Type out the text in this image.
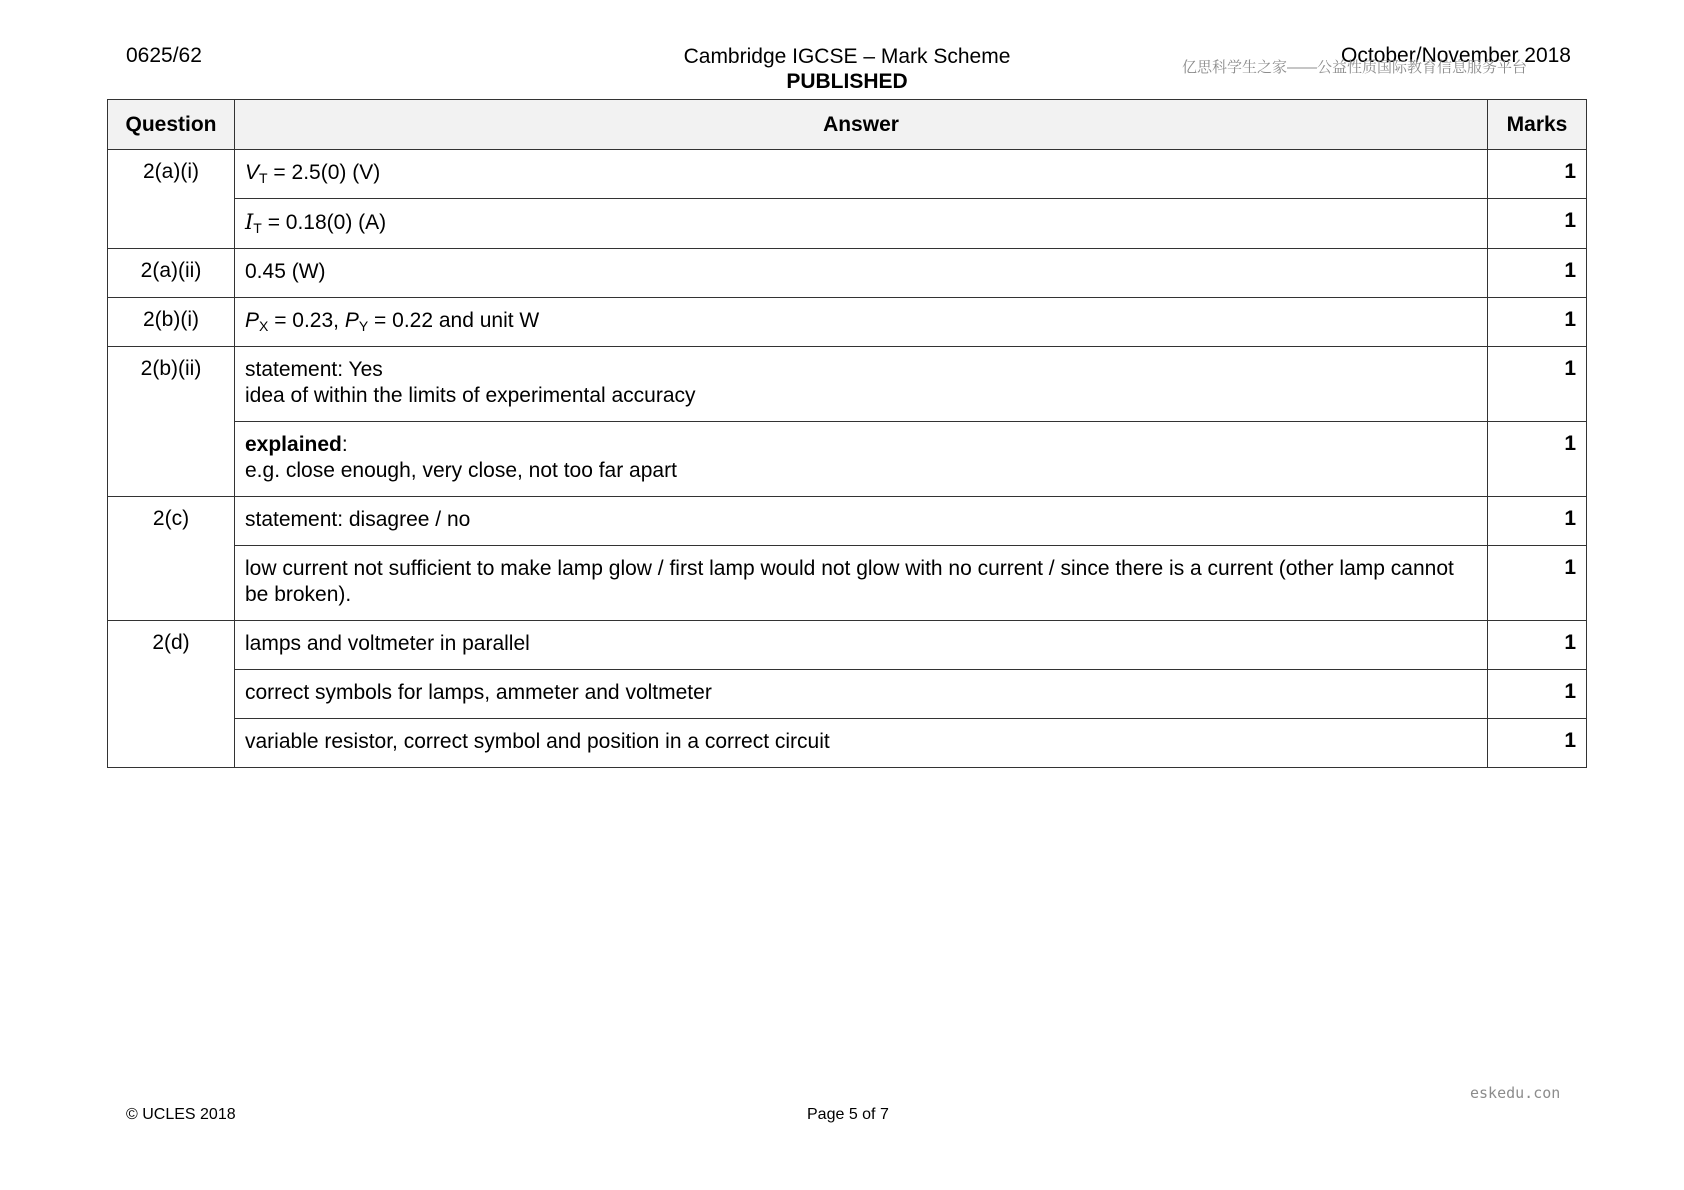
0625/62	Cambridge IGCSE – Mark Scheme
PUBLISHED
October/November 2018
亿思科学生之家——公益性质国际教育信息服务平台
Question	Answer	Marks
2(a)(i)	$V_T = 2.5(0)$ (V)	1
	$I_T = 0.18(0)$ (A)	1
2(a)(ii)	0.45 (W)	1
2(b)(i)	$P_X = 0.23$, $P_Y = 0.22$ and unit W	1
2(b)(ii)	statement: Yes
idea of within the limits of experimental accuracy	1

	explained:
e.g. close enough, very close, not too far apart	1
2(c)	statement: disagree / no	1
	low current not sufficient to make lamp glow / first lamp would not glow with no current / since there is a current (other lamp cannot be broken).	1
2(d)	lamps and voltmeter in parallel	1
	correct symbols for lamps, ammeter and voltmeter	1
	variable resistor, correct symbol and position in a correct circuit	1
eskedu.con
© UCLES 2018	Page 5 of 7
